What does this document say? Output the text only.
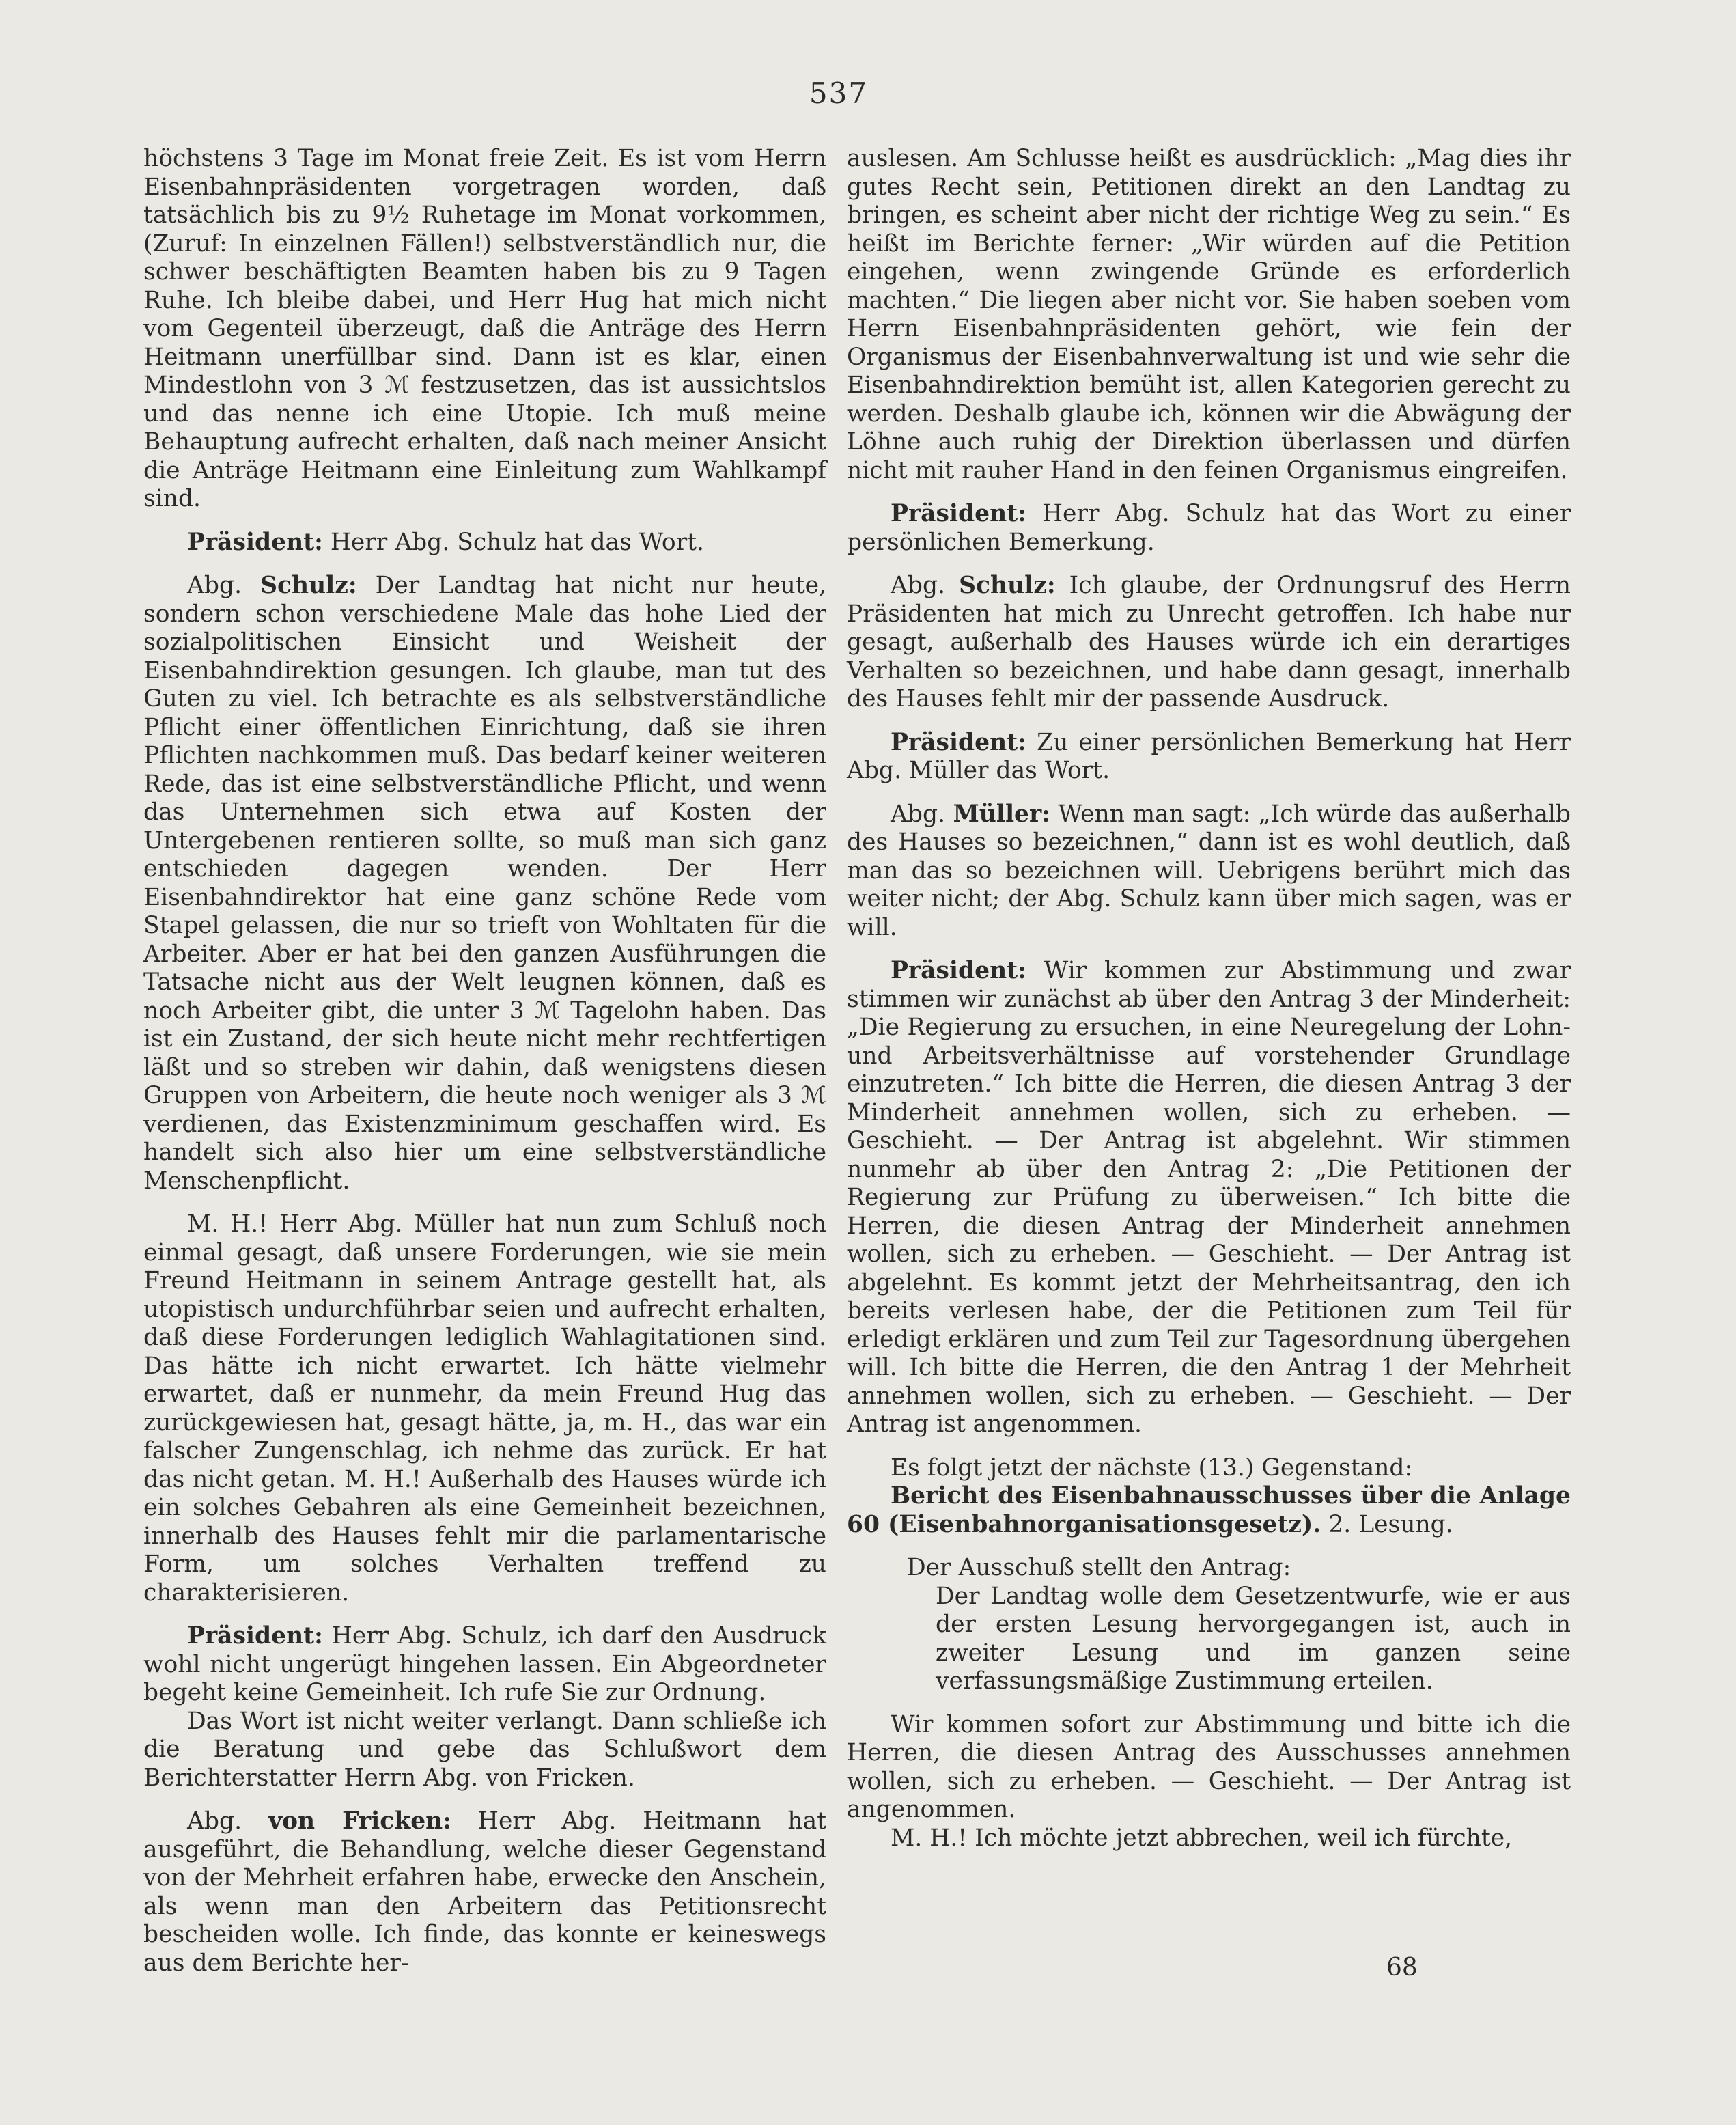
537

höchstens 3 Tage im Monat freie Zeit. Es ist vom Herrn Eisenbahnpräsidenten vorgetragen worden, daß tatsächlich bis zu 9½ Ruhetage im Monat vorkommen, (Zuruf: In einzelnen Fällen!) selbstverständlich nur, die schwer beschäftigten Beamten haben bis zu 9 Tagen Ruhe. Ich bleibe dabei, und Herr Hug hat mich nicht vom Gegenteil überzeugt, daß die Anträge des Herrn Heitmann unerfüllbar sind. Dann ist es klar, einen Mindestlohn von 3 ℳ festzusetzen, das ist aussichtslos und das nenne ich eine Utopie. Ich muß meine Behauptung aufrecht erhalten, daß nach meiner Ansicht die Anträge Heitmann eine Einleitung zum Wahlkampf sind.

Präsident: Herr Abg. Schulz hat das Wort.

Abg. Schulz: Der Landtag hat nicht nur heute, sondern schon verschiedene Male das hohe Lied der sozialpolitischen Einsicht und Weisheit der Eisenbahndirektion gesungen. Ich glaube, man tut des Guten zu viel. Ich betrachte es als selbstverständliche Pflicht einer öffentlichen Einrichtung, daß sie ihren Pflichten nachkommen muß. Das bedarf keiner weiteren Rede, das ist eine selbstverständliche Pflicht, und wenn das Unternehmen sich etwa auf Kosten der Untergebenen rentieren sollte, so muß man sich ganz entschieden dagegen wenden. Der Herr Eisenbahndirektor hat eine ganz schöne Rede vom Stapel gelassen, die nur so trieft von Wohltaten für die Arbeiter. Aber er hat bei den ganzen Ausführungen die Tatsache nicht aus der Welt leugnen können, daß es noch Arbeiter gibt, die unter 3 ℳ Tagelohn haben. Das ist ein Zustand, der sich heute nicht mehr rechtfertigen läßt und so streben wir dahin, daß wenigstens diesen Gruppen von Arbeitern, die heute noch weniger als 3 ℳ verdienen, das Existenzminimum geschaffen wird. Es handelt sich also hier um eine selbstverständliche Menschenpflicht.

M. H.! Herr Abg. Müller hat nun zum Schluß noch einmal gesagt, daß unsere Forderungen, wie sie mein Freund Heitmann in seinem Antrage gestellt hat, als utopistisch undurchführbar seien und aufrecht erhalten, daß diese Forderungen lediglich Wahlagitationen sind. Das hätte ich nicht erwartet. Ich hätte vielmehr erwartet, daß er nunmehr, da mein Freund Hug das zurückgewiesen hat, gesagt hätte, ja, m. H., das war ein falscher Zungenschlag, ich nehme das zurück. Er hat das nicht getan. M. H.! Außerhalb des Hauses würde ich ein solches Gebahren als eine Gemeinheit bezeichnen, innerhalb des Hauses fehlt mir die parlamentarische Form, um solches Verhalten treffend zu charakterisieren.

Präsident: Herr Abg. Schulz, ich darf den Ausdruck wohl nicht ungerügt hingehen lassen. Ein Abgeordneter begeht keine Gemeinheit. Ich rufe Sie zur Ordnung.

Das Wort ist nicht weiter verlangt. Dann schließe ich die Beratung und gebe das Schlußwort dem Berichterstatter Herrn Abg. von Fricken.

Abg. von Fricken: Herr Abg. Heitmann hat ausgeführt, die Behandlung, welche dieser Gegenstand von der Mehrheit erfahren habe, erwecke den Anschein, als wenn man den Arbeitern das Petitionsrecht bescheiden wolle. Ich finde, das konnte er keineswegs aus dem Berichte her-

auslesen. Am Schlusse heißt es ausdrücklich: „Mag dies ihr gutes Recht sein, Petitionen direkt an den Landtag zu bringen, es scheint aber nicht der richtige Weg zu sein.“ Es heißt im Berichte ferner: „Wir würden auf die Petition eingehen, wenn zwingende Gründe es erforderlich machten.“ Die liegen aber nicht vor. Sie haben soeben vom Herrn Eisenbahnpräsidenten gehört, wie fein der Organismus der Eisenbahnverwaltung ist und wie sehr die Eisenbahndirektion bemüht ist, allen Kategorien gerecht zu werden. Deshalb glaube ich, können wir die Abwägung der Löhne auch ruhig der Direktion überlassen und dürfen nicht mit rauher Hand in den feinen Organismus eingreifen.

Präsident: Herr Abg. Schulz hat das Wort zu einer persönlichen Bemerkung.

Abg. Schulz: Ich glaube, der Ordnungsruf des Herrn Präsidenten hat mich zu Unrecht getroffen. Ich habe nur gesagt, außerhalb des Hauses würde ich ein derartiges Verhalten so bezeichnen, und habe dann gesagt, innerhalb des Hauses fehlt mir der passende Ausdruck.

Präsident: Zu einer persönlichen Bemerkung hat Herr Abg. Müller das Wort.

Abg. Müller: Wenn man sagt: „Ich würde das außerhalb des Hauses so bezeichnen,“ dann ist es wohl deutlich, daß man das so bezeichnen will. Uebrigens berührt mich das weiter nicht; der Abg. Schulz kann über mich sagen, was er will.

Präsident: Wir kommen zur Abstimmung und zwar stimmen wir zunächst ab über den Antrag 3 der Minderheit: „Die Regierung zu ersuchen, in eine Neuregelung der Lohn- und Arbeitsverhältnisse auf vorstehender Grundlage einzutreten.“ Ich bitte die Herren, die diesen Antrag 3 der Minderheit annehmen wollen, sich zu erheben. — Geschieht. — Der Antrag ist abgelehnt. Wir stimmen nunmehr ab über den Antrag 2: „Die Petitionen der Regierung zur Prüfung zu überweisen.“ Ich bitte die Herren, die diesen Antrag der Minderheit annehmen wollen, sich zu erheben. — Geschieht. — Der Antrag ist abgelehnt. Es kommt jetzt der Mehrheitsantrag, den ich bereits verlesen habe, der die Petitionen zum Teil für erledigt erklären und zum Teil zur Tagesordnung übergehen will. Ich bitte die Herren, die den Antrag 1 der Mehrheit annehmen wollen, sich zu erheben. — Geschieht. — Der Antrag ist angenommen.

Es folgt jetzt der nächste (13.) Gegenstand:

Bericht des Eisenbahnausschusses über die Anlage 60 (Eisenbahnorganisationsgesetz). 2. Lesung.

Der Ausschuß stellt den Antrag:

Der Landtag wolle dem Gesetzentwurfe, wie er aus der ersten Lesung hervorgegangen ist, auch in zweiter Lesung und im ganzen seine verfassungsmäßige Zustimmung erteilen.

Wir kommen sofort zur Abstimmung und bitte ich die Herren, die diesen Antrag des Ausschusses annehmen wollen, sich zu erheben. — Geschieht. — Der Antrag ist angenommen.

M. H.! Ich möchte jetzt abbrechen, weil ich fürchte,

68
